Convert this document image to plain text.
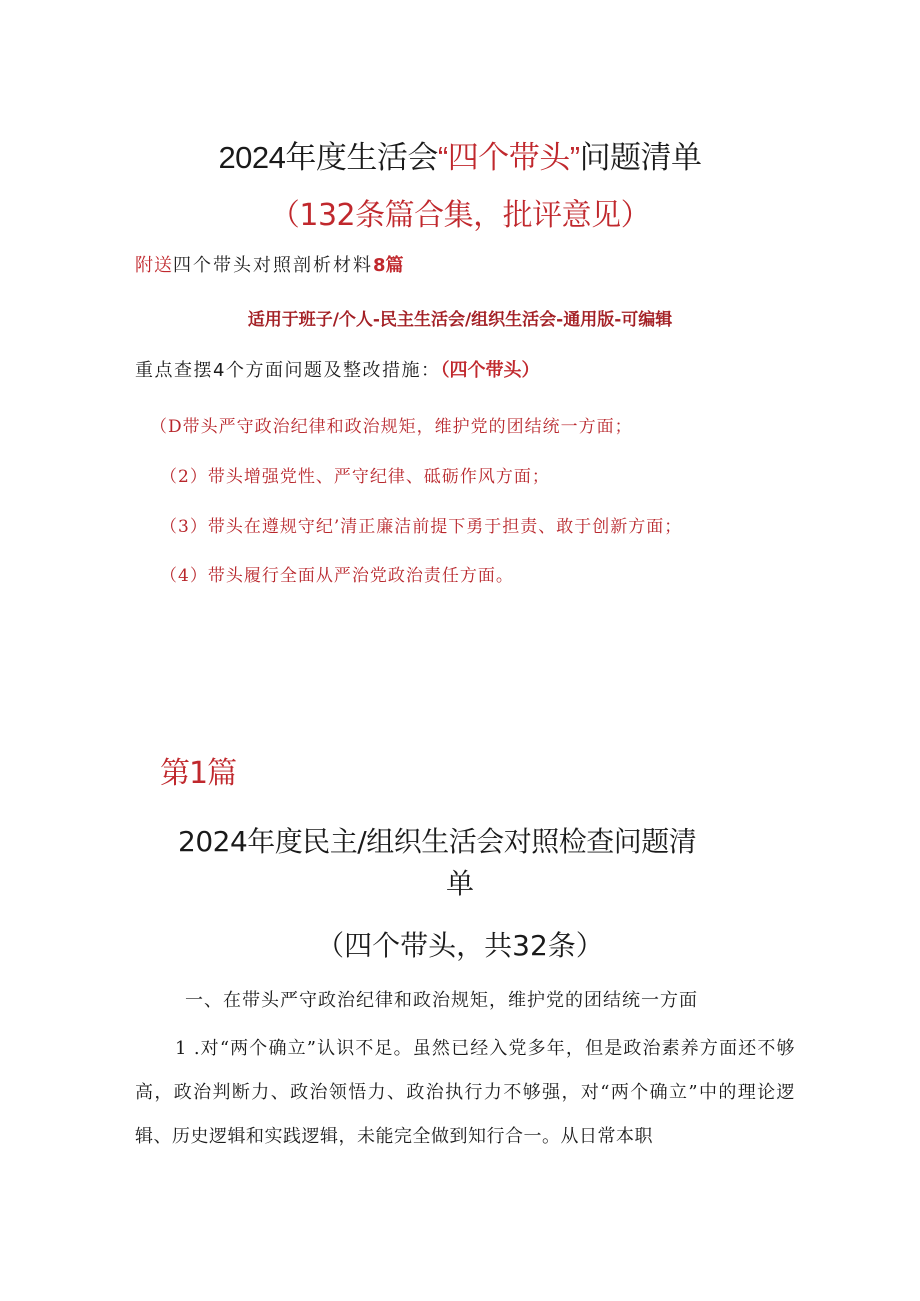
2024年度生活会“四个带头”问题清单
（132条篇合集，批评意见）
附送四个带头对照剖析材料8篇
适用于班子/个人-民主生活会/组织生活会-通用版-可编辑
重点查摆4个方面问题及整改措施：（四个带头）
（D带头严守政治纪律和政治规矩，维护党的团结统一方面；
（2）带头增强党性、严守纪律、砥砺作风方面；
（3）带头在遵规守纪’清正廉洁前提下勇于担责、敢于创新方面；
（4）带头履行全面从严治党政治责任方面。
第1篇
2024年度民主/组织生活会对照检查问题清
单
（四个带头，共32条）
一、在带头严守政治纪律和政治规矩，维护党的团结统一方面
1 .对“两个确立”认识不足。虽然已经入党多年，但是政治素养方面还不够高，政治判断力、政治领悟力、政治执行力不够强，对“两个确立”中的理论逻辑、历史逻辑和实践逻辑，未能完全做到知行合一。从日常本职
